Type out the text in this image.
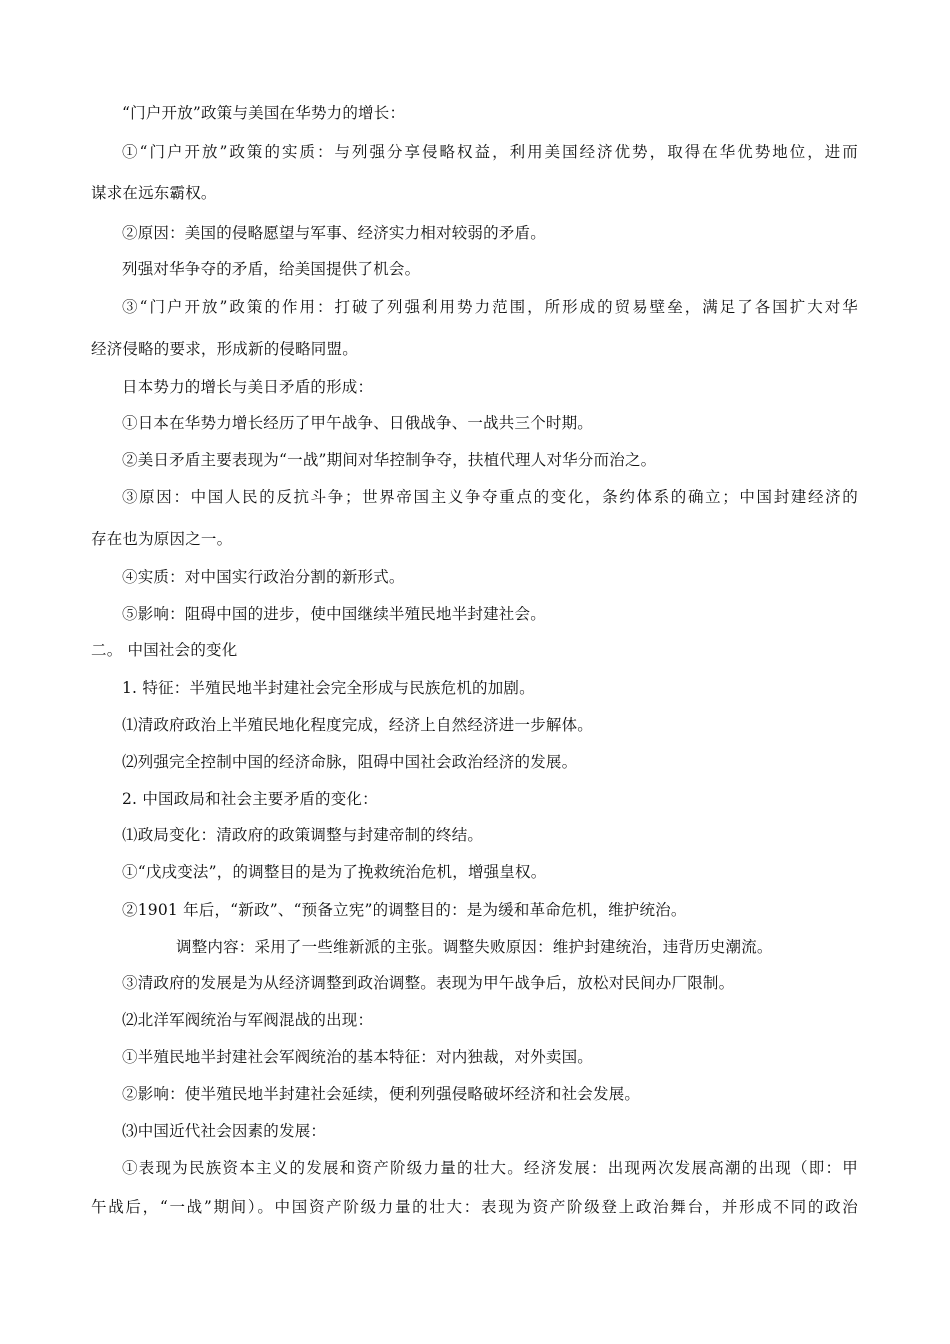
“门户开放”政策与美国在华势力的增长：
①“门户开放”政策的实质：与列强分享侵略权益，利用美国经济优势，取得在华优势地位，进而
谋求在远东霸权。
②原因：美国的侵略愿望与军事、经济实力相对较弱的矛盾。
列强对华争夺的矛盾，给美国提供了机会。
③“门户开放”政策的作用：打破了列强利用势力范围，所形成的贸易壁垒，满足了各国扩大对华
经济侵略的要求，形成新的侵略同盟。
日本势力的增长与美日矛盾的形成：
①日本在华势力增长经历了甲午战争、日俄战争、一战共三个时期。
②美日矛盾主要表现为“一战”期间对华控制争夺，扶植代理人对华分而治之。
③原因：中国人民的反抗斗争；世界帝国主义争夺重点的变化，条约体系的确立；中国封建经济的
存在也为原因之一。
④实质：对中国实行政治分割的新形式。
⑤影响：阻碍中国的进步，使中国继续半殖民地半封建社会。
二。 中国社会的变化
1. 特征：半殖民地半封建社会完全形成与民族危机的加剧。
⑴清政府政治上半殖民地化程度完成，经济上自然经济进一步解体。
⑵列强完全控制中国的经济命脉，阻碍中国社会政治经济的发展。
2. 中国政局和社会主要矛盾的变化：
⑴政局变化：清政府的政策调整与封建帝制的终结。
①“戊戌变法”，的调整目的是为了挽救统治危机，增强皇权。
②1901 年后，“新政”、“预备立宪”的调整目的：是为缓和革命危机，维护统治。
调整内容：采用了一些维新派的主张。调整失败原因：维护封建统治，违背历史潮流。
③清政府的发展是为从经济调整到政治调整。表现为甲午战争后，放松对民间办厂限制。
⑵北洋军阀统治与军阀混战的出现：
①半殖民地半封建社会军阀统治的基本特征：对内独裁，对外卖国。
②影响：使半殖民地半封建社会延续，便利列强侵略破坏经济和社会发展。
⑶中国近代社会因素的发展：
①表现为民族资本主义的发展和资产阶级力量的壮大。经济发展：出现两次发展高潮的出现（即：甲
午战后，“一战”期间）。中国资产阶级力量的壮大：表现为资产阶级登上政治舞台，并形成不同的政治
